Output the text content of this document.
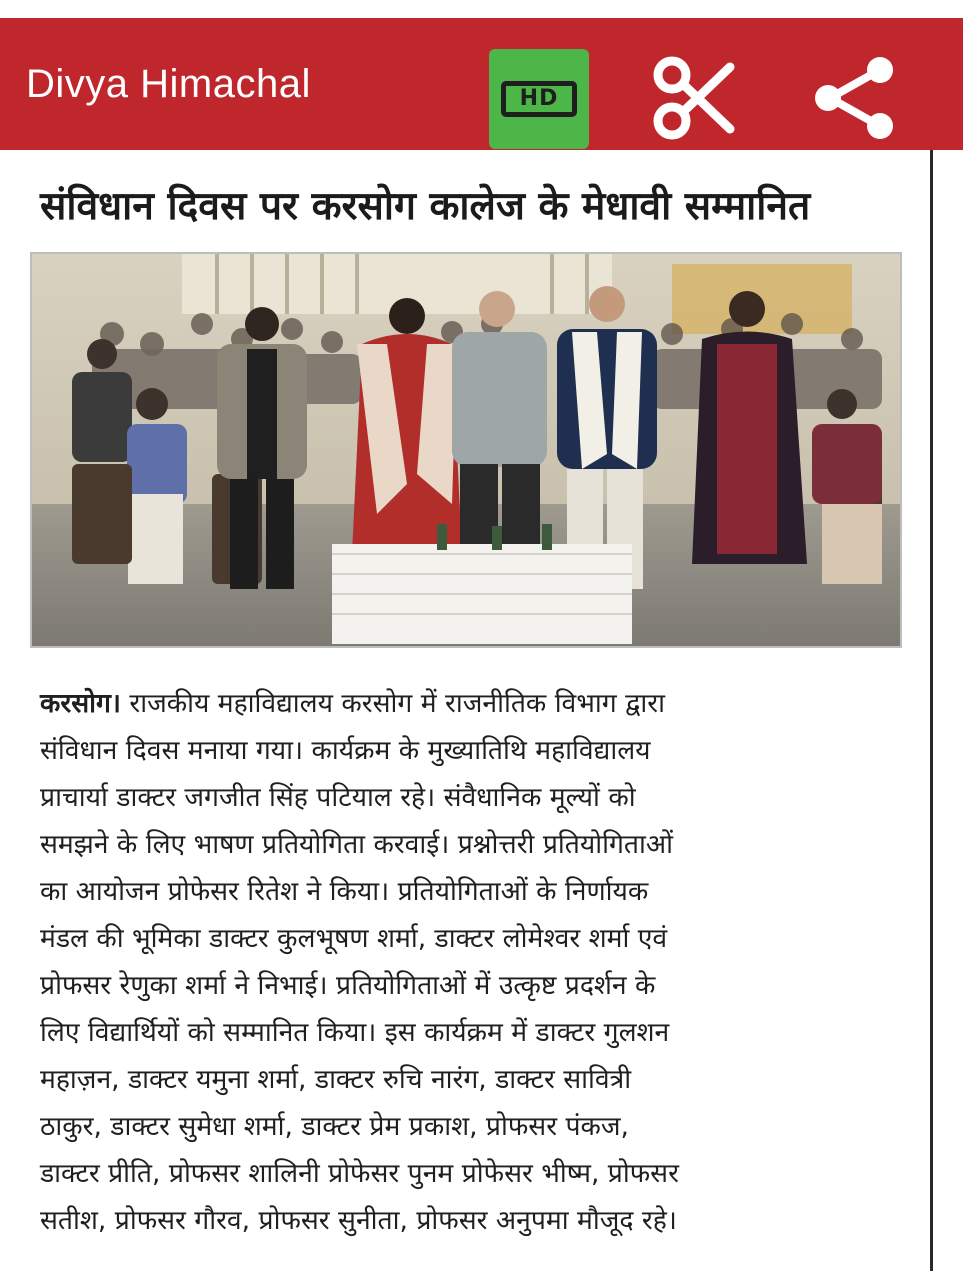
Divya Himachal	HD
संविधान दिवस पर करसोग कालेज के मेधावी सम्मानित
करसोग। राजकीय महाविद्यालय करसोग में राजनीतिक विभाग द्वारा
संविधान दिवस मनाया गया। कार्यक्रम के मुख्यातिथि महाविद्यालय
प्राचार्या डाक्टर जगजीत सिंह पटियाल रहे। संवैधानिक मूल्यों को
समझने के लिए भाषण प्रतियोगिता करवाई। प्रश्नोत्तरी प्रतियोगिताओं
का आयोजन प्रोफेसर रितेश ने किया। प्रतियोगिताओं के निर्णायक
मंडल की भूमिका डाक्टर कुलभूषण शर्मा, डाक्टर लोमेश्वर शर्मा एवं
प्रोफसर रेणुका शर्मा ने निभाई। प्रतियोगिताओं में उत्कृष्ट प्रदर्शन के
लिए विद्यार्थियों को सम्मानित किया। इस कार्यक्रम में डाक्टर गुलशन
महाज़न, डाक्टर यमुना शर्मा, डाक्टर रुचि नारंग, डाक्टर सावित्री
ठाकुर, डाक्टर सुमेधा शर्मा, डाक्टर प्रेम प्रकाश, प्रोफसर पंकज,
डाक्टर प्रीति, प्रोफसर शालिनी प्रोफेसर पुनम प्रोफेसर भीष्म, प्रोफसर
सतीश, प्रोफसर गौरव, प्रोफसर सुनीता, प्रोफसर अनुपमा मौजूद रहे।
